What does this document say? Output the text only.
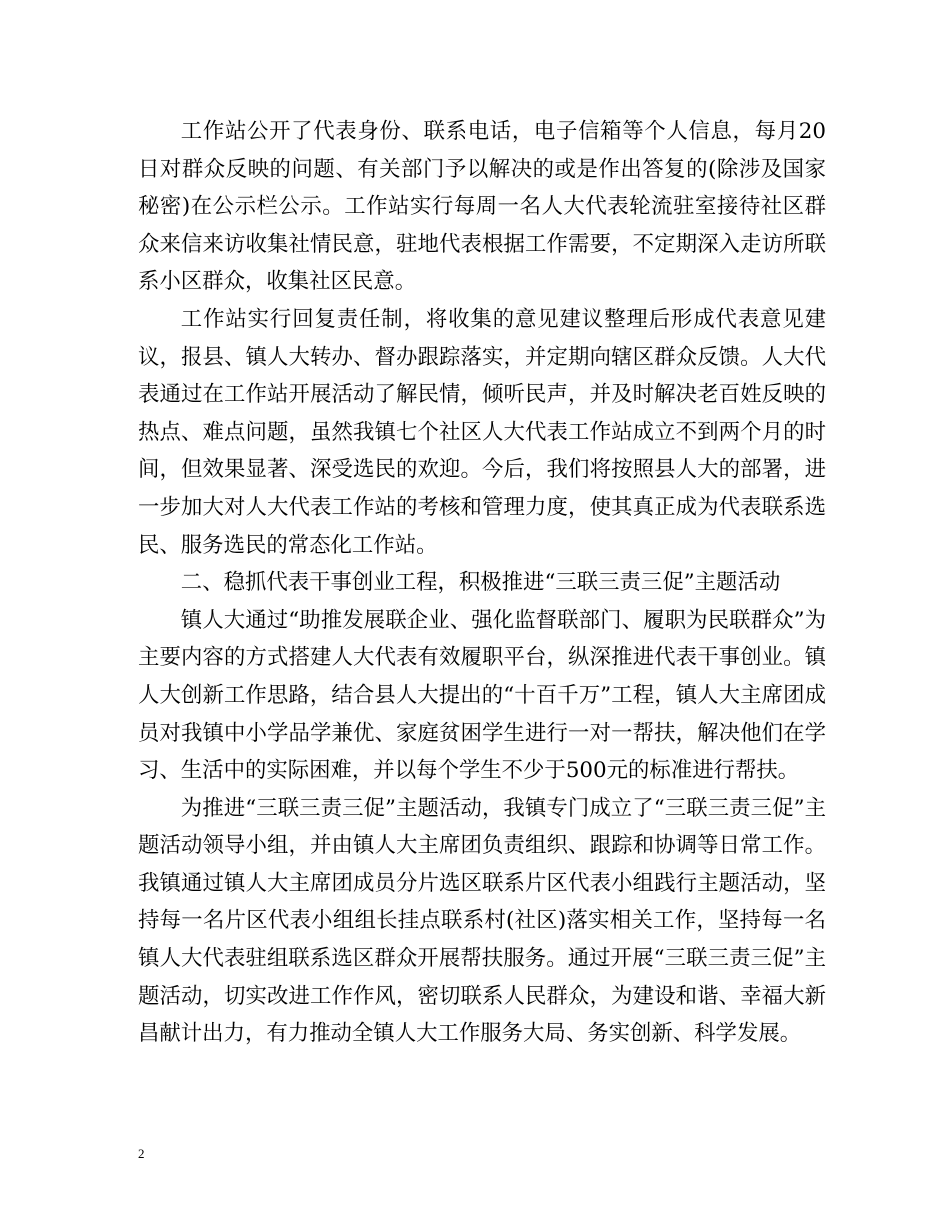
工作站公开了代表身份、联系电话，电子信箱等个人信息，每月20日对群众反映的问题、有关部门予以解决的或是作出答复的(除涉及国家秘密)在公示栏公示。工作站实行每周一名人大代表轮流驻室接待社区群众来信来访收集社情民意，驻地代表根据工作需要，不定期深入走访所联系小区群众，收集社区民意。

工作站实行回复责任制，将收集的意见建议整理后形成代表意见建议，报县、镇人大转办、督办跟踪落实，并定期向辖区群众反馈。人大代表通过在工作站开展活动了解民情，倾听民声，并及时解决老百姓反映的热点、难点问题，虽然我镇七个社区人大代表工作站成立不到两个月的时间，但效果显著、深受选民的欢迎。今后，我们将按照县人大的部署，进一步加大对人大代表工作站的考核和管理力度，使其真正成为代表联系选民、服务选民的常态化工作站。

二、稳抓代表干事创业工程，积极推进“三联三责三促”主题活动

镇人大通过“助推发展联企业、强化监督联部门、履职为民联群众”为主要内容的方式搭建人大代表有效履职平台，纵深推进代表干事创业。镇人大创新工作思路，结合县人大提出的“十百千万”工程，镇人大主席团成员对我镇中小学品学兼优、家庭贫困学生进行一对一帮扶，解决他们在学习、生活中的实际困难，并以每个学生不少于500元的标准进行帮扶。

为推进“三联三责三促”主题活动，我镇专门成立了“三联三责三促”主题活动领导小组，并由镇人大主席团负责组织、跟踪和协调等日常工作。我镇通过镇人大主席团成员分片选区联系片区代表小组践行主题活动，坚持每一名片区代表小组组长挂点联系村(社区)落实相关工作，坚持每一名镇人大代表驻组联系选区群众开展帮扶服务。通过开展“三联三责三促”主题活动，切实改进工作作风，密切联系人民群众，为建设和谐、幸福大新昌献计出力，有力推动全镇人大工作服务大局、务实创新、科学发展。

2
